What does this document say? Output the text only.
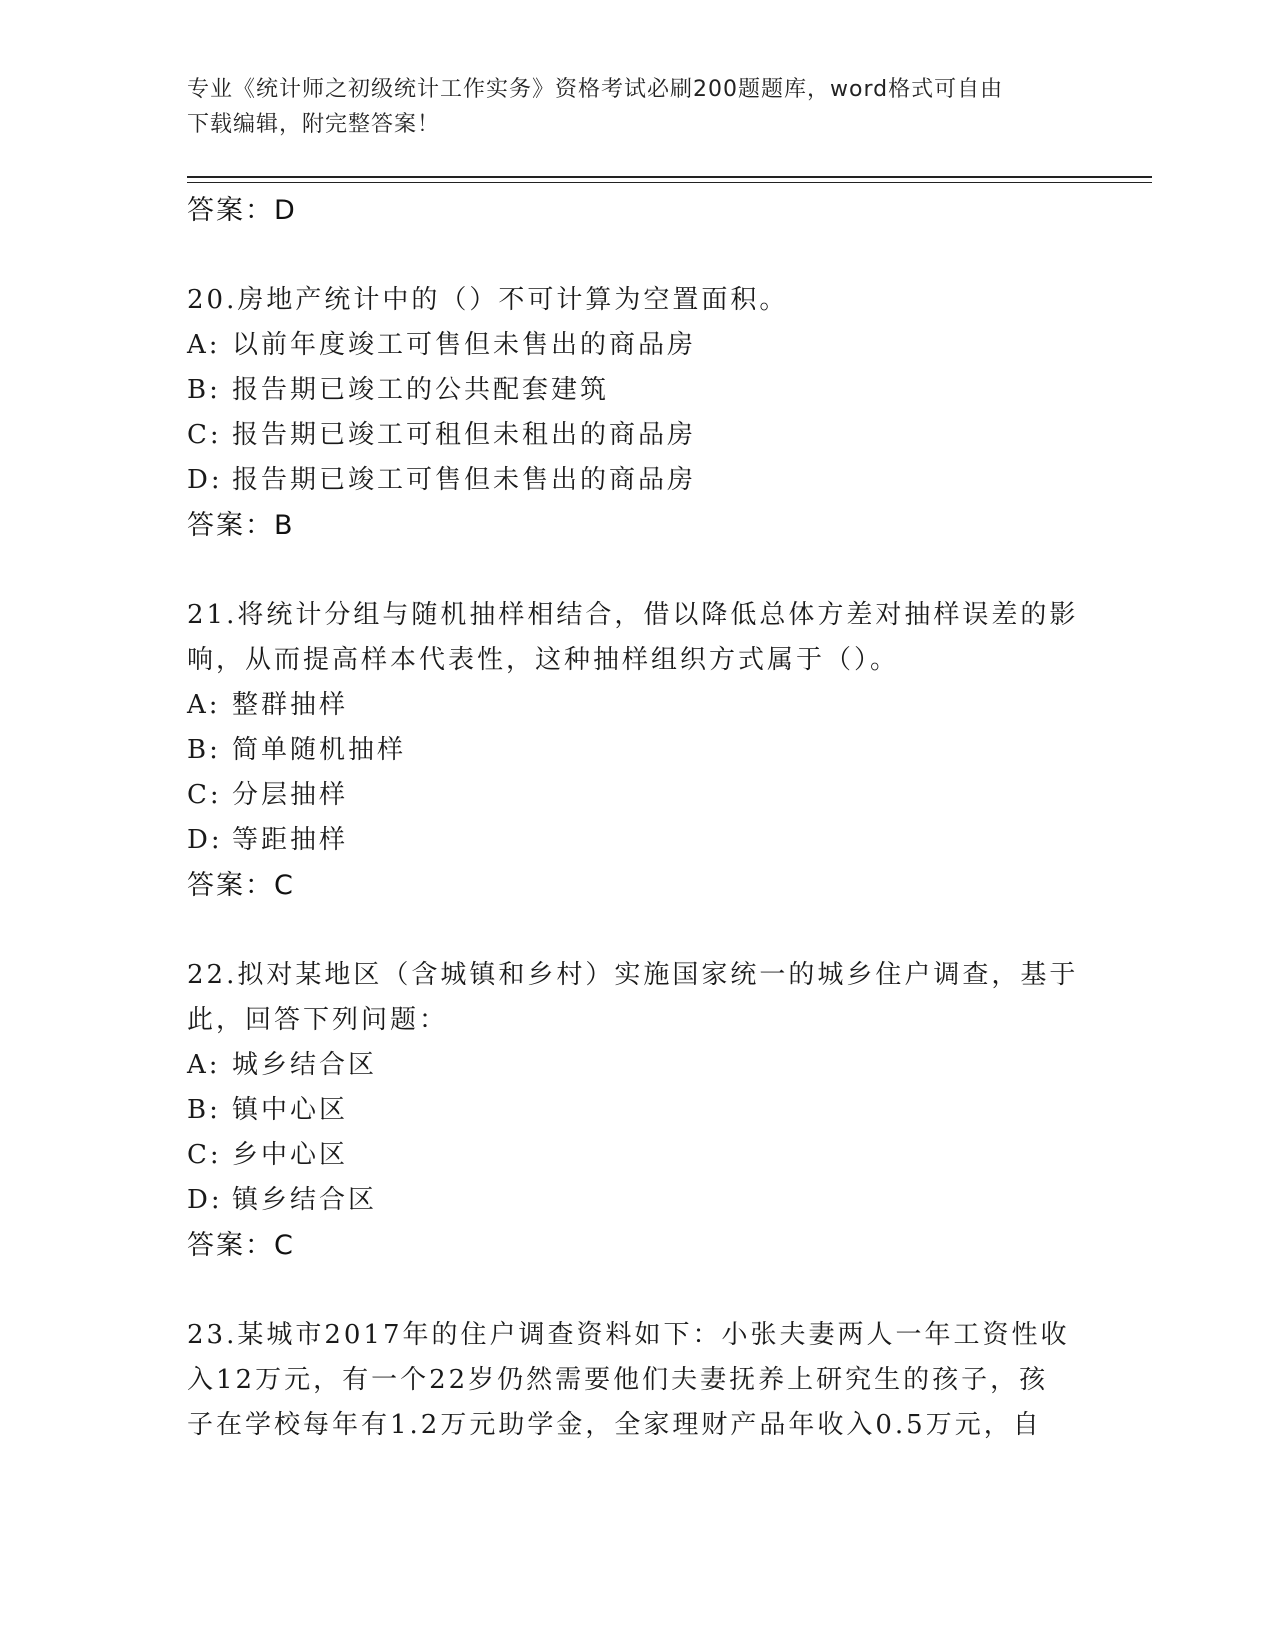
专业《统计师之初级统计工作实务》资格考试必刷200题题库，word格式可自由
下载编辑，附完整答案！
答案：D
20.房地产统计中的（）不可计算为空置面积。
A: 以前年度竣工可售但未售出的商品房
B: 报告期已竣工的公共配套建筑
C: 报告期已竣工可租但未租出的商品房
D: 报告期已竣工可售但未售出的商品房
答案：B
21.将统计分组与随机抽样相结合，借以降低总体方差对抽样误差的影
响，从而提高样本代表性，这种抽样组织方式属于（）。
A: 整群抽样
B: 简单随机抽样
C: 分层抽样
D: 等距抽样
答案：C
22.拟对某地区（含城镇和乡村）实施国家统一的城乡住户调查，基于
此，回答下列问题：
A: 城乡结合区
B: 镇中心区
C: 乡中心区
D: 镇乡结合区
答案：C
23.某城市2017年的住户调查资料如下：小张夫妻两人一年工资性收
入12万元，有一个22岁仍然需要他们夫妻抚养上研究生的孩子，孩
子在学校每年有1.2万元助学金，全家理财产品年收入0.5万元，自
